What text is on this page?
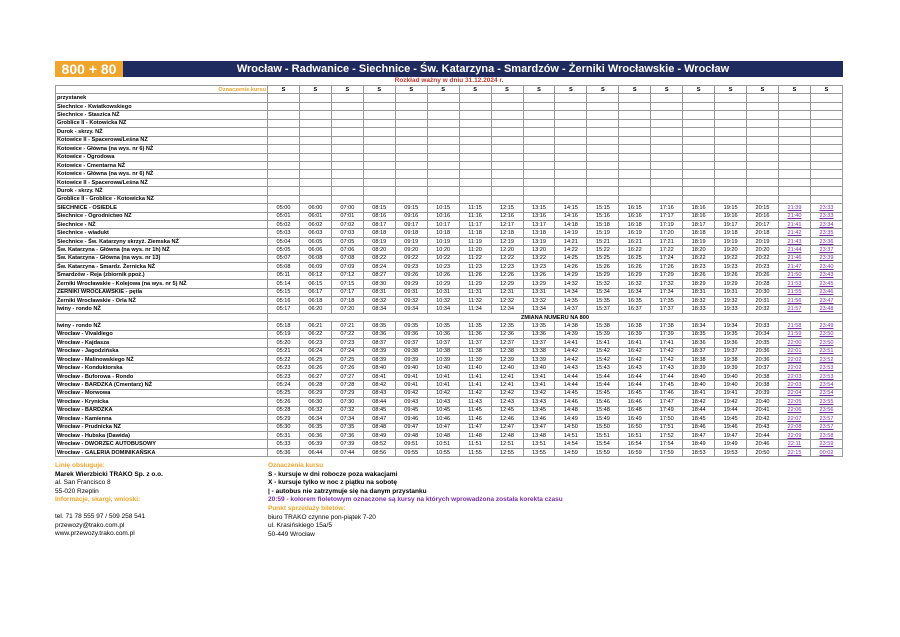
800 + 80	Wrocław - Radwanice - Siechnice - Św. Katarzyna - Smardzów - Żerniki Wrocławskie - Wrocław
Rozkład ważny w dniu 31.12.2024 r.
Oznaczenie kursu	S	S	S	S	S	S	S	S	S	S	S	S	S	S	S	S	S	S
przystanek																		
Siechnice - Kwiatkowskiego																		
Siechnice - Staszica NŻ																		
Groblice II - Kotowicka NŻ																		
Durok - skrzy. NŻ																		
Kotowice II - Spacerowa/Leśna NŻ																		
Kotowice - Główna (na wys. nr 6) NŻ																		
Kotowice - Ogrodowa																		
Kotowice - Cmentarna NŻ																		
Kotowice - Główna (na wys. nr 6) NŻ																		
Kotowice II - Spacerowa/Leśna NŻ																		
Durok - skrzy. NŻ																		
Groblice II - Groblice - Kotowicka NŻ																		
SIECHNICE - OSIEDLE	05:00	06:00	07:00	08:15	09:15	10:15	11:15	12:15	13:15	14:15	15:15	16:15	17:16	18:16	19:15	20:15	21:39	23:33
Siechnice - Ogrodnictwo NŻ	05:01	06:01	07:01	08:16	09:16	10:16	11:16	12:16	13:16	14:16	15:16	16:16	17:17	18:16	19:16	20:16	21:40	23:33
Siechnice - NŻ	05:02	06:02	07:02	08:17	09:17	10:17	11:17	12:17	13:17	14:18	15:18	16:18	17:19	18:17	19:17	20:17	21:41	23:34
Siechnice - wiadukt	05:03	06:03	07:03	08:18	09:18	10:18	11:18	12:18	13:18	14:19	15:19	16:19	17:20	18:18	19:18	20:18	21:42	23:35
Siechnice - Św. Katarzyny skrzyż. Ziemska NŻ	05:04	06:05	07:05	08:19	09:19	10:19	11:19	12:19	13:19	14:21	15:21	16:21	17:21	18:19	19:19	20:19	21:43	23:36
Św. Katarzyna - Główna (na wys. nr 1h) NŻ	05:05	06:06	07:06	08:20	09:20	10:20	11:20	12:20	13:20	14:22	15:22	16:22	17:22	18:20	19:20	20:20	21:44	23:37
Św. Katarzyna - Główna (na wys. nr 13)	05:07	06:08	07:08	08:22	09:22	10:22	11:22	12:22	13:22	14:25	15:25	16:25	17:24	18:22	19:22	20:22	21:46	23:39
Św. Katarzyna - Smardz. Żernicka NŻ	05:08	06:09	07:09	08:24	09:23	10:23	11:23	12:23	13:23	14:26	15:26	16:26	17:26	18:23	19:23	20:23	21:47	23:40
Smardzów - Reja (zbiornik ppoż.)	05:11	06:12	07:12	08:27	09:26	10:26	11:26	12:26	13:26	14:29	15:29	16:29	17:29	18:26	19:26	20:26	21:50	23:43
Żerniki Wrocławskie - Kolejowa (na wys. nr 5) NŻ	05:14	06:15	07:15	08:30	09:29	10:29	11:29	12:29	13:29	14:32	15:32	16:32	17:32	18:29	19:29	20:28	21:53	23:45
ŻERNIKI WROCŁAWSKIE - pętla	05:15	06:17	07:17	08:31	09:31	10:31	11:31	12:31	13:31	14:34	15:34	16:34	17:34	18:31	19:31	20:30	21:55	23:46
Żerniki Wrocławskie - Orla NŻ	05:16	06:18	07:18	08:32	09:32	10:32	11:32	12:32	13:32	14:35	15:35	16:35	17:35	18:32	19:32	20:31	21:56	23:47
Iwiny - rondo NŻ	05:17	06:20	07:20	08:34	09:34	10:34	11:34	12:34	13:34	14:37	15:37	16:37	17:37	18:33	19:33	20:32	21:57	23:48
	ZMIANA NUMERU NA 800																	
Iwiny - rondo NŻ	05:18	06:21	07:21	08:35	09:35	10:35	11:35	12:35	13:35	14:38	15:38	16:38	17:38	18:34	19:34	20:33	21:58	23:49
Wrocław - Vivaldiego	05:19	06:22	07:22	08:36	09:36	10:36	11:36	12:36	13:36	14:39	15:39	16:39	17:39	18:35	19:35	20:34	21:59	23:50
Wrocław - Kajdasza	05:20	06:23	07:23	08:37	09:37	10:37	11:37	12:37	13:37	14:41	15:41	16:41	17:41	18:36	19:36	20:35	22:00	23:50
Wrocław - Jagodzińska	05:21	06:24	07:24	08:39	09:38	10:38	11:38	12:38	13:38	14:42	15:42	16:42	17:42	18:37	19:37	20:36	22:01	23:51
Wrocław - Malinowskiego NŻ	05:22	06:25	07:25	08:39	09:39	10:39	11:39	12:39	13:39	14:42	15:42	16:42	17:42	18:38	19:38	20:36	22:02	23:52
Wrocław - Konduktorska	05:23	06:26	07:26	08:40	09:40	10:40	11:40	12:40	13:40	14:43	15:43	16:43	17:43	18:39	19:39	20:37	22:02	23:53
Wrocław - Buforowa - Rondo	05:23	06:27	07:27	08:41	09:41	10:41	11:41	12:41	13:41	14:44	15:44	16:44	17:44	18:40	19:40	20:38	22:03	23:53
Wrocław - BARDZKA (Cmentarz) NŻ	05:24	06:28	07:28	08:42	09:41	10:41	11:41	12:41	13:41	14:44	15:44	16:44	17:45	18:40	19:40	20:38	22:03	23:54
Wrocław - Morwowa	05:25	06:29	07:29	08:43	09:42	10:42	11:42	12:42	13:42	14:45	15:45	16:45	17:46	18:41	19:41	20:39	22:04	23:54
Wrocław - Krynicka	05:26	06:30	07:30	08:44	09:43	10:43	11:43	12:43	13:43	14:46	15:46	16:46	17:47	18:42	19:42	20:40	22:05	23:55
Wrocław - BARDZKA	05:28	06:32	07:32	08:45	09:45	10:45	11:45	12:45	13:45	14:48	15:48	16:48	17:49	18:44	19:44	20:41	22:06	23:56
Wrocław - Kamienna	05:29	06:34	07:34	08:47	09:46	10:46	11:46	12:46	13:46	14:49	15:49	16:49	17:50	18:45	19:45	20:42	22:07	23:57
Wrocław - Prudnicka NŻ	05:30	06:35	07:35	08:48	09:47	10:47	11:47	12:47	13:47	14:50	15:50	16:50	17:51	18:46	19:46	20:43	22:08	23:57
Wrocław - Hubska (Dawida)	05:31	06:36	07:36	08:49	09:48	10:48	11:48	12:48	13:48	14:51	15:51	16:51	17:52	18:47	19:47	20:44	22:09	23:58
Wrocław - DWORZEC AUTOBUSOWY	05:33	06:39	07:39	08:52	09:51	10:51	11:51	12:51	13:51	14:54	15:54	16:54	17:54	18:49	19:49	20:46	22:11	23:59
Wrocław - GALERIA DOMINIKAŃSKA	05:36	06:44	07:44	08:56	09:55	10:55	11:55	12:55	13:55	14:59	15:59	16:59	17:59	18:53	19:53	20:50	22:15	00:02
Linię obsługuje:
Marek Wierzbicki TRAKO Sp. z o.o.
al. San Francisco 8
55-020 Rzeplin
Informacje, skargi, wnioski:
tel. 71 78 555 97 / 509 258 541
przewozy@trako.com.pl
www.przewozy.trako.com.pl
Oznaczenia kursu
S - kursuje w dni robocze poza wakacjami
X - kursuje tylko w noc z piątku na sobotę
| - autobus nie zatrzymuje się na danym przystanku
20:59 - kolorem fioletowym oznaczone są kursy na których wprowadzona została korekta czasu
Punkt sprzedaży biletów:
biuro TRAKO czynne pon-piątek 7-20
ul. Krasińskiego 15a/5
50-449 Wrocław
